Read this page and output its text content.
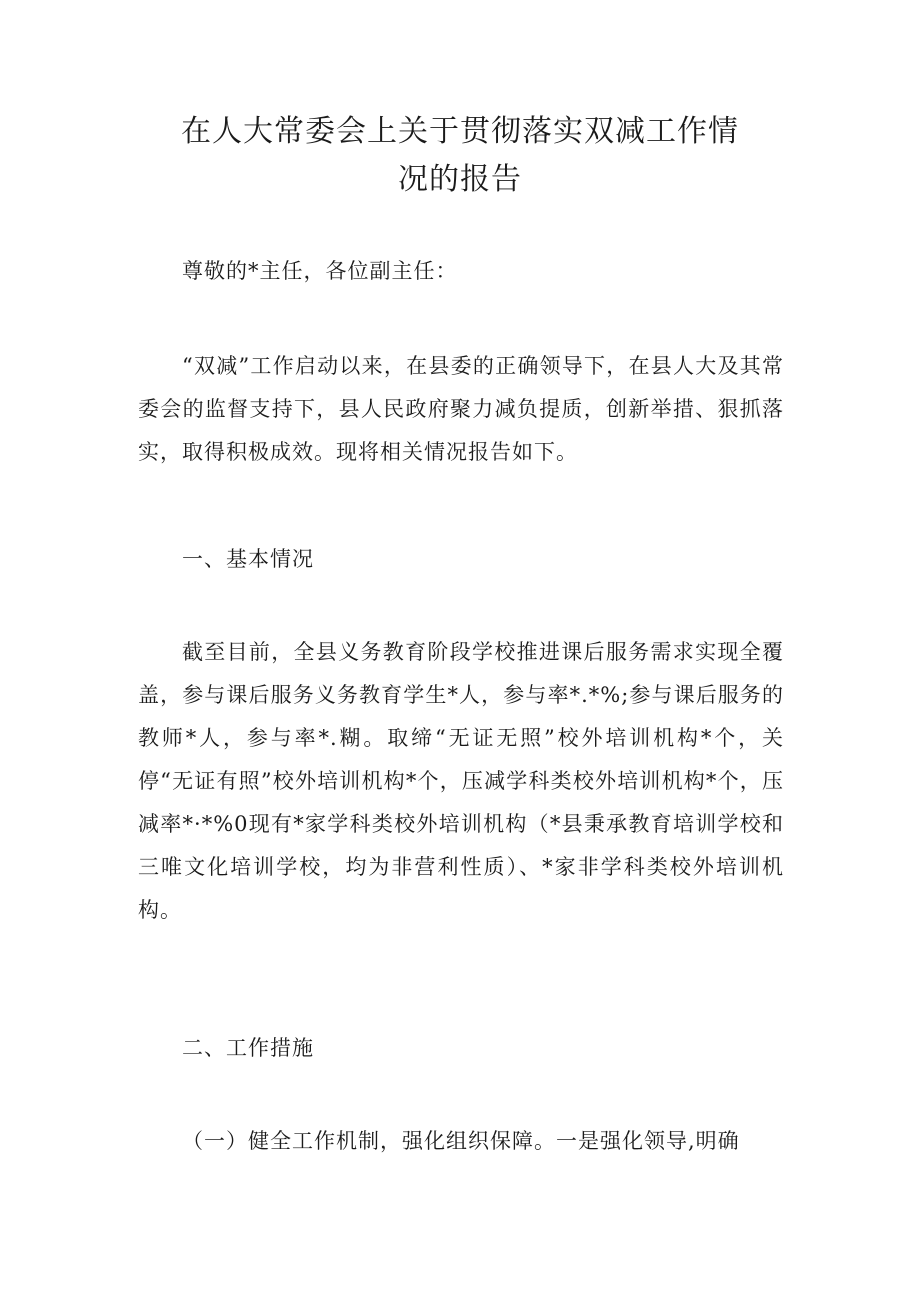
在人大常委会上关于贯彻落实双减工作情
况的报告

尊敬的*主任，各位副主任：

“双减”工作启动以来，在县委的正确领导下，在县人大及其常委会的监督支持下，县人民政府聚力减负提质，创新举措、狠抓落实，取得积极成效。现将相关情况报告如下。

一、基本情况

截至目前，全县义务教育阶段学校推进课后服务需求实现全覆盖，参与课后服务义务教育学生*人，参与率*.*%;参与课后服务的教师*人，参与率*.糊。取缔“无证无照”校外培训机构*个，关停“无证有照”校外培训机构*个，压减学科类校外培训机构*个，压减率*·*%0现有*家学科类校外培训机构（*县秉承教育培训学校和三唯文化培训学校，均为非营利性质）、*家非学科类校外培训机构。

二、工作措施

（一）健全工作机制，强化组织保障。一是强化领导,明确
